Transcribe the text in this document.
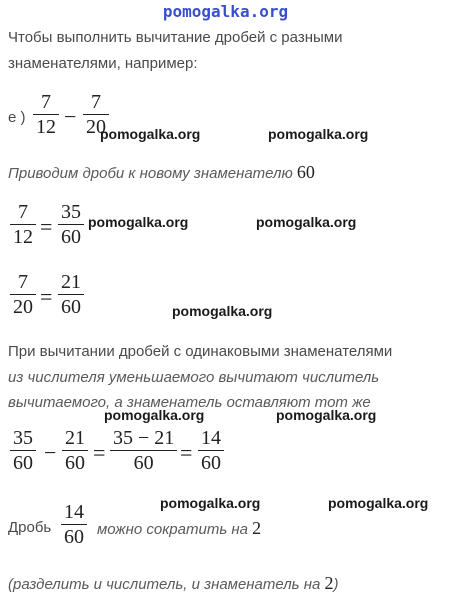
pomogalka.org
Чтобы выполнить вычитание дробей с разными
знаменателями, например:
е )
7
12 −
7
20
Приводим дроби к новому знаменателю 60
7
12 =
35
60
7
20 =
21
60
При вычитании дробей с одинаковыми знаменателями
из числителя уменьшаемого вычитают числитель
вычитаемого, а знаменатель оставляют тот же
35
60 −
21
60 =
35 − 21
60 =
14
60
Дробь
14
60 можно сократить на 2
(разделить и числитель, и знаменатель на 2)
pomogalka.org	pomogalka.org
pomogalka.org	pomogalka.org
pomogalka.org
pomogalka.org	pomogalka.org
pomogalka.org	pomogalka.org
